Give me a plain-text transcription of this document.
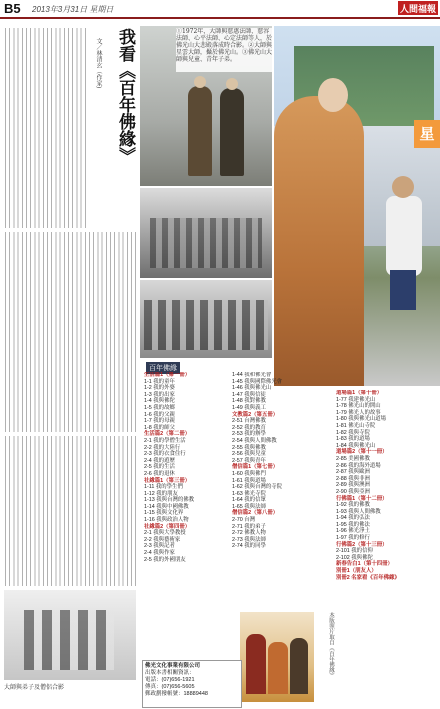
B5 2013年3月31日 星期日	人間福報
文／林清玄（作家) 我看《百年佛緣》	①1972年，大師與慈惠法師、慈容法師、心平法師、心定法師等人，於佛光山大悲殿落成時合影。②大師與星雲大師，攝於佛光山。③佛光山大師與兒童、青年子弟。
星
百年佛緣
大師與弟子及僧侶合影
生活篇1（第一冊）
1-1 我的童年
1-2 我的外婆
1-3 我的出家
1-4 我與佛陀
1-5 我的故鄉
1-6 我的父親
1-7 我的母親
1-8 我的師父
生活篇2（第二冊）
2-1 我的學僧生活
2-2 我的大陸行
2-3 我的衣食住行
2-4 我的遊歷
2-5 我的生活
2-6 我的退休
社緣篇1（第三冊）
1-11 我的學生們
1-12 我的朋友
1-13 我與台灣的佛教
1-14 我與中國佛教
1-15 我與文化界
1-16 我與政治人物
社緣篇2（第四冊）
2-1 我與大學教授
2-2 我與藝術家
2-3 我與記者
2-4 我與作家
2-5 我的外國朋友
1-44 我和佛光會
1-45 我與國際佛光會
1-46 我與佛光山
1-47 我與信徒
1-48 我對佛教
1-49 我與義工
文教篇2（第五冊）
2-51 台灣佛教
2-52 我的教育
2-53 我的辦學
2-54 我與人間佛教
2-55 我與佛教
2-56 我與兒童
2-57 我與青年
僧信篇1（第七冊）
1-60 我與佛門
1-61 我與道場
1-62 我與台灣的寺院
1-63 佛光寺院
1-64 我的信眾
1-65 我與法師
僧信篇2（第八冊）
2-70 台灣
2-71 我的弟子
2-72 佛教人物
2-73 我與法師
2-74 我的同學
道場篇1（第十冊）
1-77 我建佛光山
1-78 佛光山的開山
1-79 佛光人的故事
1-80 我與佛光山道場
1-81 佛光山寺院
1-82 我與寺院
1-83 我的道場
1-84 我與佛光山
道場篇2（第十一冊）
2-85 美國佛教
2-86 我的海外道場
2-87 我與歐洲
2-88 我與非洲
2-89 我與澳洲
2-90 我與亞洲
行佛篇1（第十二冊）
1-92 我的佛教
1-93 我與人間佛教
1-94 我的弘法
1-95 我的佛法
1-96 佛光淨土
1-97 我的修行
行佛篇2（第十三冊）
2-101 我的信仰
2-102 我與佛陀
新春告白1（第十四冊）
別冊1（朋友人）
別冊2 名家看《百年佛緣》
本版照片取自《百年佛緣》
佛光文化事業有限公司
出版本書相關資訊：
電話：(07)656-1921
傳真：(07)656-5605
郵政劃撥帳號：18889448
